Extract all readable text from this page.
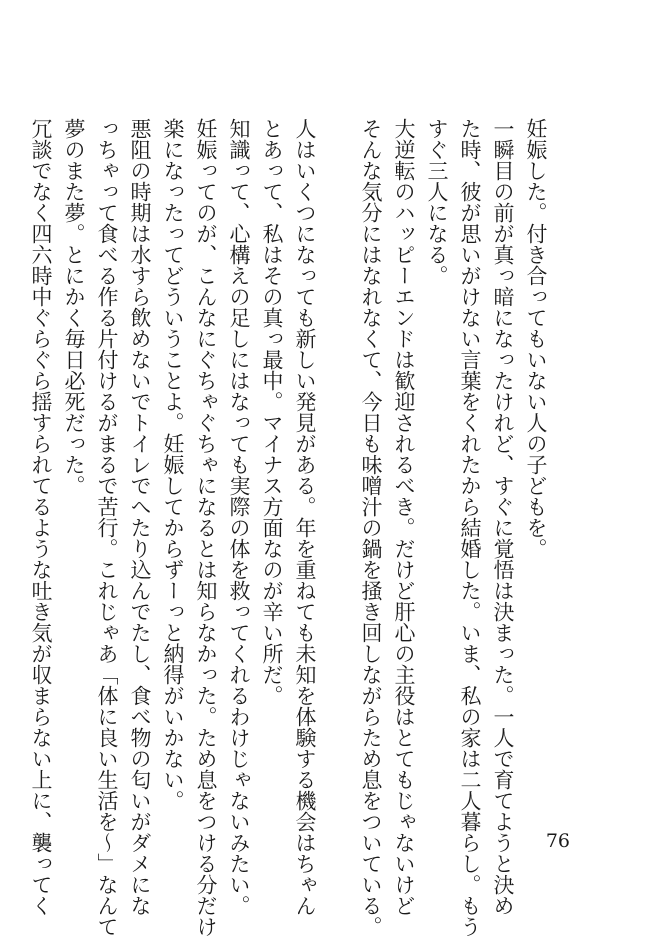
妊娠した。付き合ってもいない人の子どもを。
一瞬目の前が真っ暗になったけれど、すぐに覚悟は決まった。一人で育てようと決め
た時、彼が思いがけない言葉をくれたから結婚した。いま、私の家は二人暮らし。もう
すぐ三人になる。
大逆転のハッピーエンドは歓迎されるべき。だけど肝心の主役はとてもじゃないけど
そんな気分にはなれなくて、今日も味噌汁の鍋を掻き回しながらため息をついている。
人はいくつになっても新しい発見がある。年を重ねても未知を体験する機会はちゃん
とあって、私はその真っ最中。マイナス方面なのが辛い所だ。
知識って、心構えの足しにはなっても実際の体を救ってくれるわけじゃないみたい。
妊娠ってのが、こんなにぐちゃぐちゃになるとは知らなかった。ため息をつける分だけ
楽になったってどういうことよ。妊娠してからずーっと納得がいかない。
悪阻の時期は水すら飲めないでトイレでへたり込んでたし、食べ物の匂いがダメにな
っちゃって食べる作る片付けるがまるで苦行。これじゃあ「体に良い生活を〜」なんて
夢のまた夢。とにかく毎日必死だった。
冗談でなく四六時中ぐらぐら揺すられてるような吐き気が収まらない上に、襲ってく	76
